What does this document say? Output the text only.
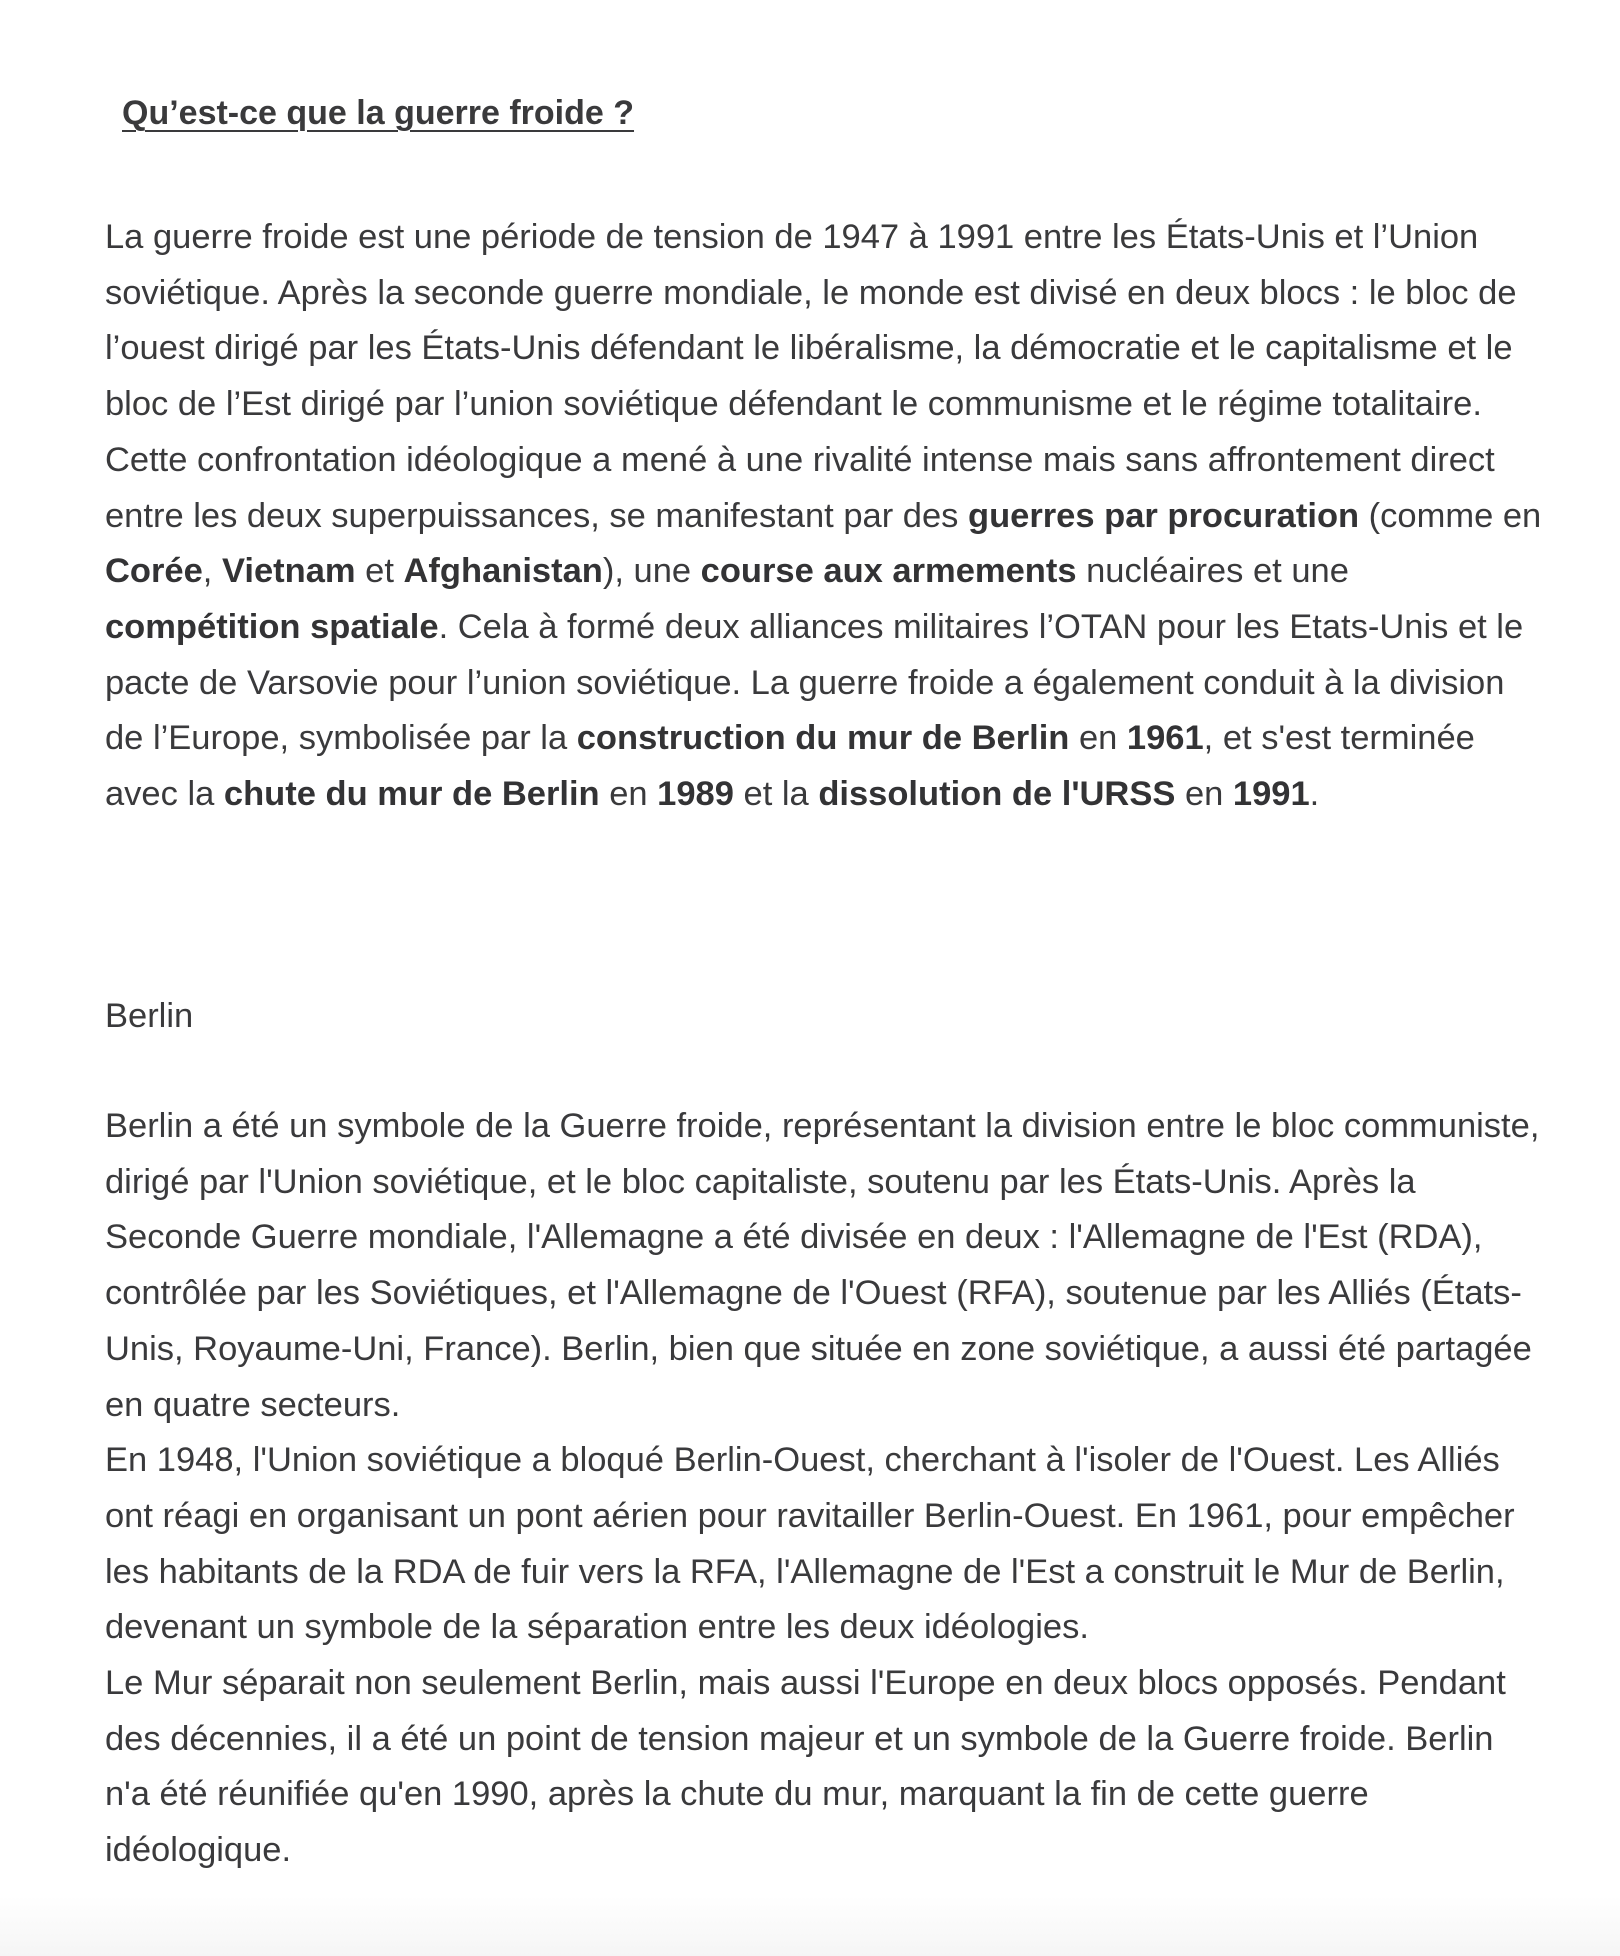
Qu’est-ce que la guerre froide ?

La guerre froide est une période de tension de 1947 à 1991 entre les États-Unis et l’Union soviétique. Après la seconde guerre mondiale, le monde est divisé en deux blocs : le bloc de l’ouest dirigé par les États-Unis défendant le libéralisme, la démocratie et le capitalisme et le bloc de l’Est dirigé par l’union soviétique défendant le communisme et le régime totalitaire. Cette confrontation idéologique a mené à une rivalité intense mais sans affrontement direct entre les deux superpuissances, se manifestant par des guerres par procuration (comme en Corée, Vietnam et Afghanistan), une course aux armements nucléaires et une compétition spatiale. Cela à formé deux alliances militaires l’OTAN pour les Etats-Unis et le pacte de Varsovie pour l’union soviétique. La guerre froide a également conduit à la division de l’Europe, symbolisée par la construction du mur de Berlin en 1961, et s'est terminée avec la chute du mur de Berlin en 1989 et la dissolution de l'URSS en 1991.

Berlin

Berlin a été un symbole de la Guerre froide, représentant la division entre le bloc communiste, dirigé par l'Union soviétique, et le bloc capitaliste, soutenu par les États-Unis. Après la Seconde Guerre mondiale, l'Allemagne a été divisée en deux : l'Allemagne de l'Est (RDA), contrôlée par les Soviétiques, et l'Allemagne de l'Ouest (RFA), soutenue par les Alliés (États-Unis, Royaume-Uni, France). Berlin, bien que située en zone soviétique, a aussi été partagée en quatre secteurs.
En 1948, l'Union soviétique a bloqué Berlin-Ouest, cherchant à l'isoler de l'Ouest. Les Alliés ont réagi en organisant un pont aérien pour ravitailler Berlin-Ouest. En 1961, pour empêcher les habitants de la RDA de fuir vers la RFA, l'Allemagne de l'Est a construit le Mur de Berlin, devenant un symbole de la séparation entre les deux idéologies.
Le Mur séparait non seulement Berlin, mais aussi l'Europe en deux blocs opposés. Pendant des décennies, il a été un point de tension majeur et un symbole de la Guerre froide. Berlin n'a été réunifiée qu'en 1990, après la chute du mur, marquant la fin de cette guerre idéologique.
